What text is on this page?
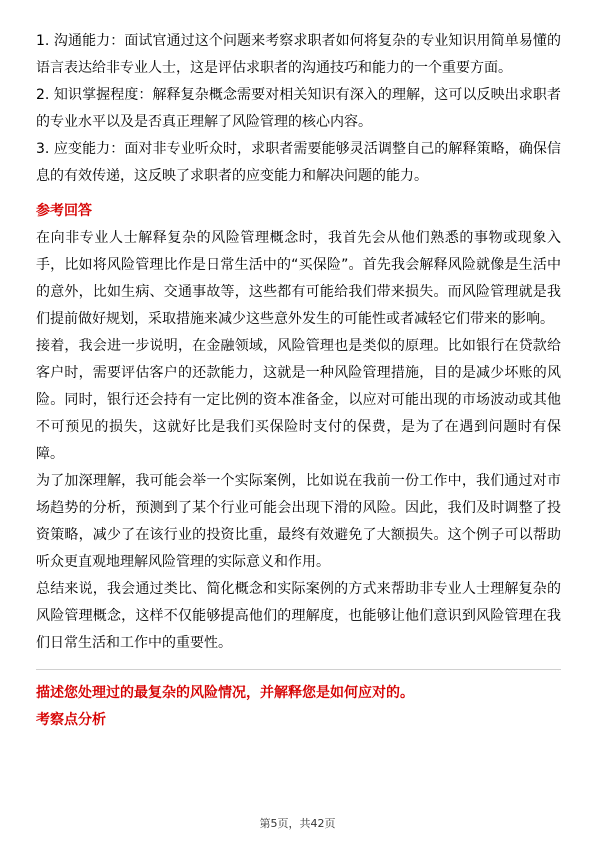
1. 沟通能力：面试官通过这个问题来考察求职者如何将复杂的专业知识用简单易懂的语言表达给非专业人士，这是评估求职者的沟通技巧和能力的一个重要方面。

2. 知识掌握程度：解释复杂概念需要对相关知识有深入的理解，这可以反映出求职者的专业水平以及是否真正理解了风险管理的核心内容。

3. 应变能力：面对非专业听众时，求职者需要能够灵活调整自己的解释策略，确保信息的有效传递，这反映了求职者的应变能力和解决问题的能力。

参考回答

在向非专业人士解释复杂的风险管理概念时，我首先会从他们熟悉的事物或现象入手，比如将风险管理比作是日常生活中的“买保险”。首先我会解释风险就像是生活中的意外，比如生病、交通事故等，这些都有可能给我们带来损失。而风险管理就是我们提前做好规划，采取措施来减少这些意外发生的可能性或者减轻它们带来的影响。

接着，我会进一步说明，在金融领域，风险管理也是类似的原理。比如银行在贷款给客户时，需要评估客户的还款能力，这就是一种风险管理措施，目的是减少坏账的风险。同时，银行还会持有一定比例的资本准备金，以应对可能出现的市场波动或其他不可预见的损失，这就好比是我们买保险时支付的保费，是为了在遇到问题时有保障。

为了加深理解，我可能会举一个实际案例，比如说在我前一份工作中，我们通过对市场趋势的分析，预测到了某个行业可能会出现下滑的风险。因此，我们及时调整了投资策略，减少了在该行业的投资比重，最终有效避免了大额损失。这个例子可以帮助听众更直观地理解风险管理的实际意义和作用。

总结来说，我会通过类比、简化概念和实际案例的方式来帮助非专业人士理解复杂的风险管理概念，这样不仅能够提高他们的理解度，也能够让他们意识到风险管理在我们日常生活和工作中的重要性。

描述您处理过的最复杂的风险情况，并解释您是如何应对的。

考察点分析

第5页，共42页
